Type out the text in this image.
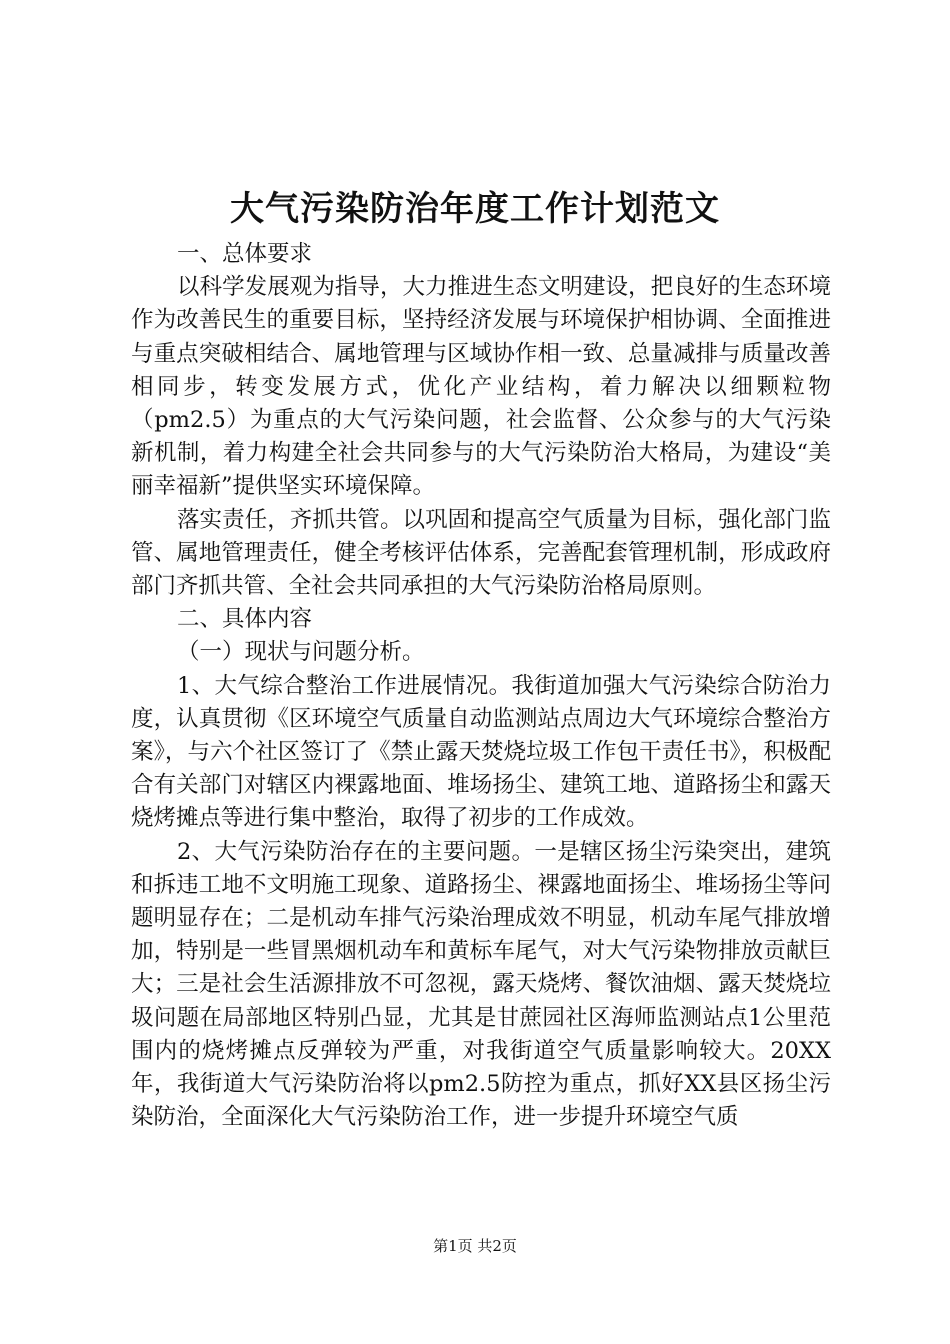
大气污染防治年度工作计划范文

一、总体要求

以科学发展观为指导，大力推进生态文明建设，把良好的生态环境作为改善民生的重要目标，坚持经济发展与环境保护相协调、全面推进与重点突破相结合、属地管理与区域协作相一致、总量减排与质量改善相同步，转变发展方式，优化产业结构，着力解决以细颗粒物（pm2.5）为重点的大气污染问题，社会监督、公众参与的大气污染新机制，着力构建全社会共同参与的大气污染防治大格局，为建设“美丽幸福新”提供坚实环境保障。

落实责任，齐抓共管。以巩固和提高空气质量为目标，强化部门监管、属地管理责任，健全考核评估体系，完善配套管理机制，形成政府部门齐抓共管、全社会共同承担的大气污染防治格局原则。

二、具体内容

（一）现状与问题分析。

1、大气综合整治工作进展情况。我街道加强大气污染综合防治力度，认真贯彻《区环境空气质量自动监测站点周边大气环境综合整治方案》，与六个社区签订了《禁止露天焚烧垃圾工作包干责任书》，积极配合有关部门对辖区内裸露地面、堆场扬尘、建筑工地、道路扬尘和露天烧烤摊点等进行集中整治，取得了初步的工作成效。

2、大气污染防治存在的主要问题。一是辖区扬尘污染突出，建筑和拆违工地不文明施工现象、道路扬尘、裸露地面扬尘、堆场扬尘等问题明显存在；二是机动车排气污染治理成效不明显，机动车尾气排放增加，特别是一些冒黑烟机动车和黄标车尾气，对大气污染物排放贡献巨大；三是社会生活源排放不可忽视，露天烧烤、餐饮油烟、露天焚烧垃圾问题在局部地区特别凸显，尤其是甘蔗园社区海师监测站点1公里范围内的烧烤摊点反弹较为严重，对我街道空气质量影响较大。20XX年，我街道大气污染防治将以pm2.5防控为重点，抓好XX县区扬尘污染防治，全面深化大气污染防治工作，进一步提升环境空气质

第1页 共2页
